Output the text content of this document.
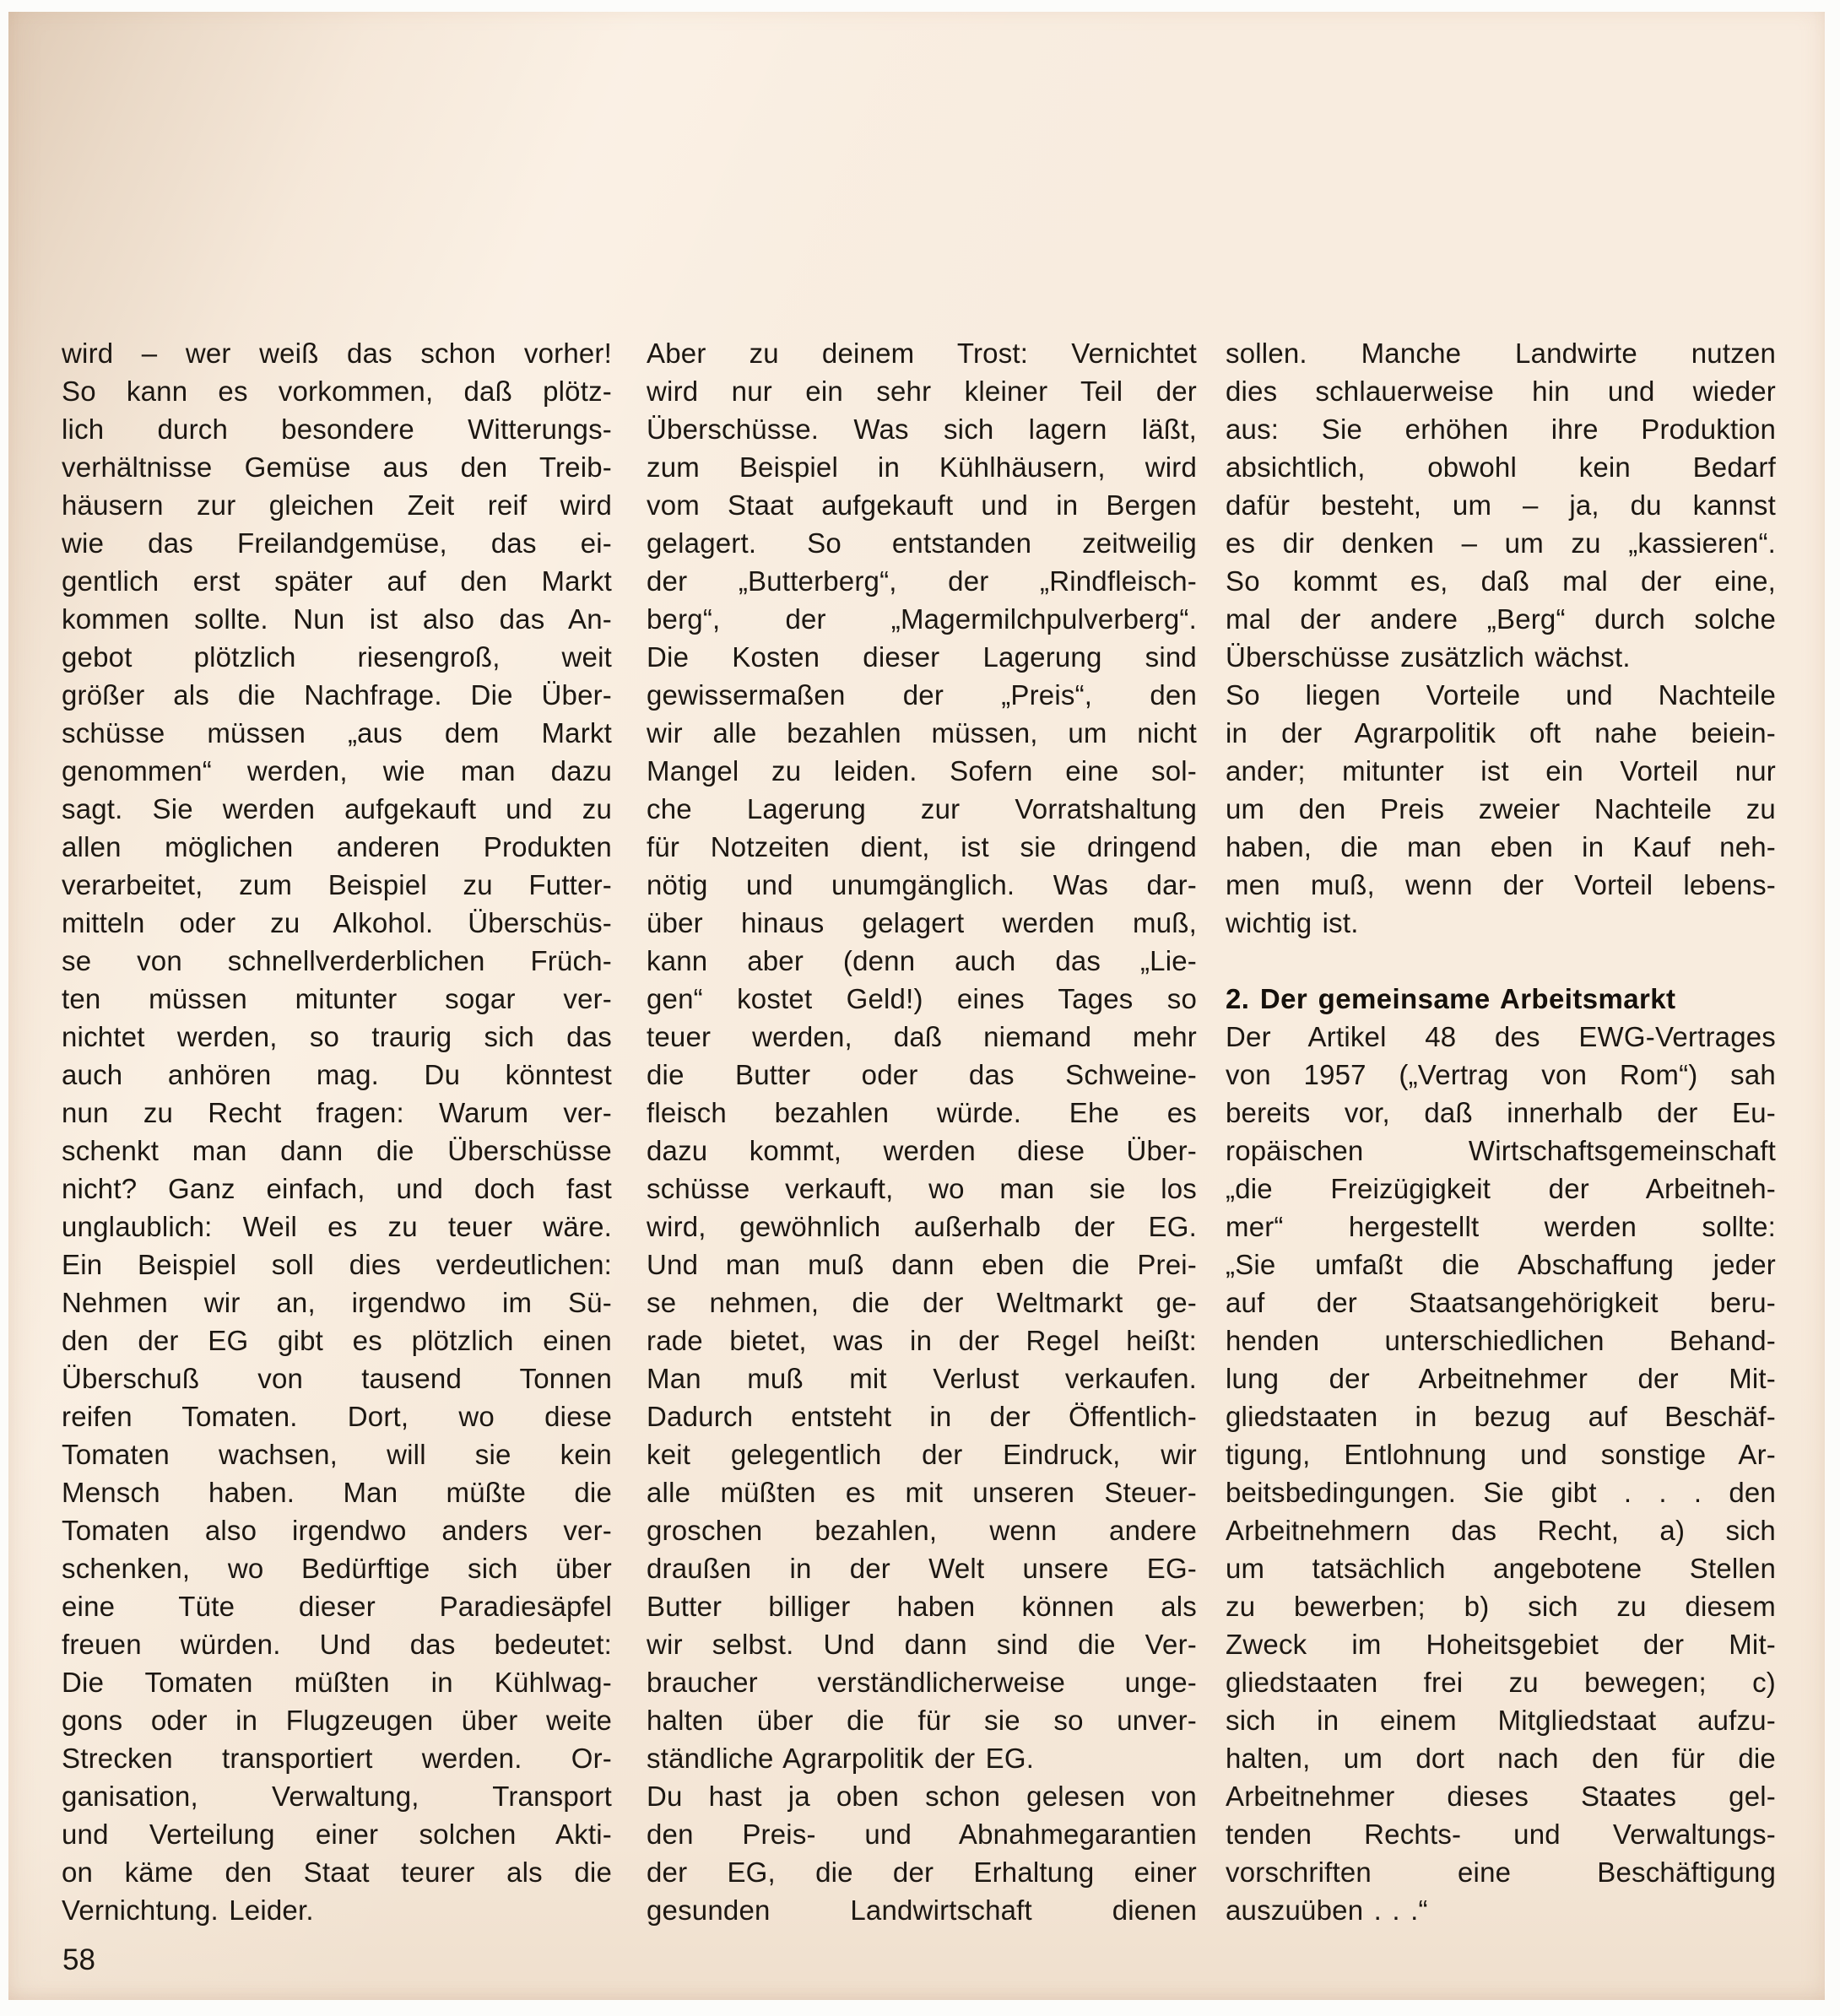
wird – wer weiß das schon vorher!
So kann es vorkommen, daß plötz-
lich durch besondere Witterungs-
verhältnisse Gemüse aus den Treib-
häusern zur gleichen Zeit reif wird
wie das Freilandgemüse, das ei-
gentlich erst später auf den Markt
kommen sollte. Nun ist also das An-
gebot plötzlich riesengroß, weit
größer als die Nachfrage. Die Über-
schüsse müssen „aus dem Markt
genommen“ werden, wie man dazu
sagt. Sie werden aufgekauft und zu
allen möglichen anderen Produkten
verarbeitet, zum Beispiel zu Futter-
mitteln oder zu Alkohol. Überschüs-
se von schnellverderblichen Früch-
ten müssen mitunter sogar ver-
nichtet werden, so traurig sich das
auch anhören mag. Du könntest
nun zu Recht fragen: Warum ver-
schenkt man dann die Überschüsse
nicht? Ganz einfach, und doch fast
unglaublich: Weil es zu teuer wäre.
Ein Beispiel soll dies verdeutlichen:
Nehmen wir an, irgendwo im Sü-
den der EG gibt es plötzlich einen
Überschuß von tausend Tonnen
reifen Tomaten. Dort, wo diese
Tomaten wachsen, will sie kein
Mensch haben. Man müßte die
Tomaten also irgendwo anders ver-
schenken, wo Bedürftige sich über
eine Tüte dieser Paradiesäpfel
freuen würden. Und das bedeutet:
Die Tomaten müßten in Kühlwag-
gons oder in Flugzeugen über weite
Strecken transportiert werden. Or-
ganisation, Verwaltung, Transport
und Verteilung einer solchen Akti-
on käme den Staat teurer als die
Vernichtung. Leider.
Aber zu deinem Trost: Vernichtet
wird nur ein sehr kleiner Teil der
Überschüsse. Was sich lagern läßt,
zum Beispiel in Kühlhäusern, wird
vom Staat aufgekauft und in Bergen
gelagert. So entstanden zeitweilig
der „Butterberg“, der „Rindfleisch-
berg“, der „Magermilchpulverberg“.
Die Kosten dieser Lagerung sind
gewissermaßen der „Preis“, den
wir alle bezahlen müssen, um nicht
Mangel zu leiden. Sofern eine sol-
che Lagerung zur Vorratshaltung
für Notzeiten dient, ist sie dringend
nötig und unumgänglich. Was dar-
über hinaus gelagert werden muß,
kann aber (denn auch das „Lie-
gen“ kostet Geld!) eines Tages so
teuer werden, daß niemand mehr
die Butter oder das Schweine-
fleisch bezahlen würde. Ehe es
dazu kommt, werden diese Über-
schüsse verkauft, wo man sie los
wird, gewöhnlich außerhalb der EG.
Und man muß dann eben die Prei-
se nehmen, die der Weltmarkt ge-
rade bietet, was in der Regel heißt:
Man muß mit Verlust verkaufen.
Dadurch entsteht in der Öffentlich-
keit gelegentlich der Eindruck, wir
alle müßten es mit unseren Steuer-
groschen bezahlen, wenn andere
draußen in der Welt unsere EG-
Butter billiger haben können als
wir selbst. Und dann sind die Ver-
braucher verständlicherweise unge-
halten über die für sie so unver-
ständliche Agrarpolitik der EG.
Du hast ja oben schon gelesen von
den Preis- und Abnahmegarantien
der EG, die der Erhaltung einer
gesunden Landwirtschaft dienen
sollen. Manche Landwirte nutzen
dies schlauerweise hin und wieder
aus: Sie erhöhen ihre Produktion
absichtlich, obwohl kein Bedarf
dafür besteht, um – ja, du kannst
es dir denken – um zu „kassieren“.
So kommt es, daß mal der eine,
mal der andere „Berg“ durch solche
Überschüsse zusätzlich wächst.
So liegen Vorteile und Nachteile
in der Agrarpolitik oft nahe beiein-
ander; mitunter ist ein Vorteil nur
um den Preis zweier Nachteile zu
haben, die man eben in Kauf neh-
men muß, wenn der Vorteil lebens-
wichtig ist.
2. Der gemeinsame Arbeitsmarkt
Der Artikel 48 des EWG-Vertrages
von 1957 („Vertrag von Rom“) sah
bereits vor, daß innerhalb der Eu-
ropäischen Wirtschaftsgemeinschaft
„die Freizügigkeit der Arbeitneh-
mer“ hergestellt werden sollte:
„Sie umfaßt die Abschaffung jeder
auf der Staatsangehörigkeit beru-
henden unterschiedlichen Behand-
lung der Arbeitnehmer der Mit-
gliedstaaten in bezug auf Beschäf-
tigung, Entlohnung und sonstige Ar-
beitsbedingungen. Sie gibt . . . den
Arbeitnehmern das Recht, a) sich
um tatsächlich angebotene Stellen
zu bewerben; b) sich zu diesem
Zweck im Hoheitsgebiet der Mit-
gliedstaaten frei zu bewegen; c)
sich in einem Mitgliedstaat aufzu-
halten, um dort nach den für die
Arbeitnehmer dieses Staates gel-
tenden Rechts- und Verwaltungs-
vorschriften eine Beschäftigung
auszuüben . . .“
58
